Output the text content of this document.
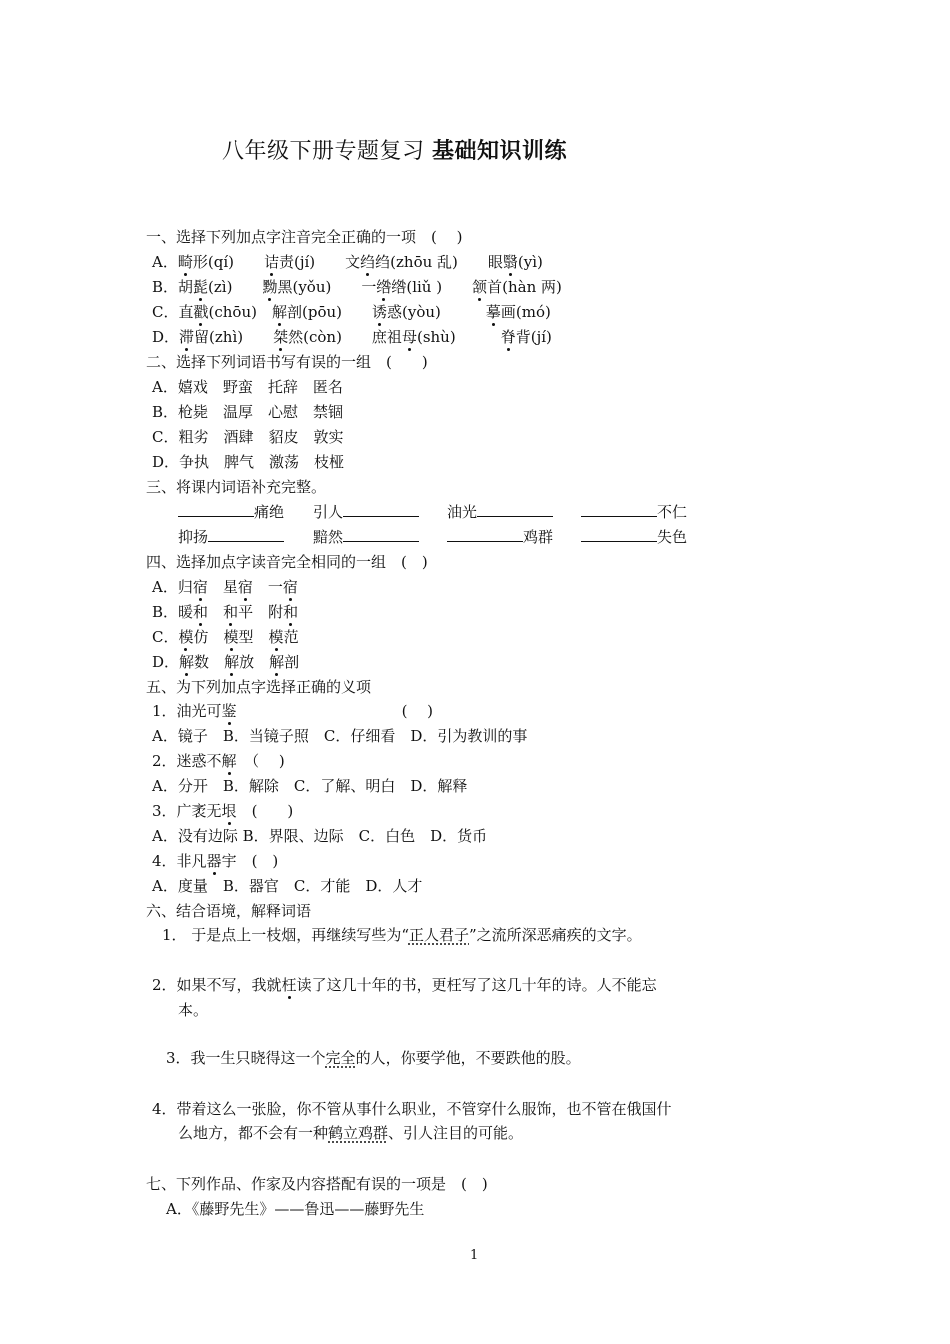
八年级下册专题复习 基础知识训练
一、选择下列加点字注音完全正确的一项　(　 )
A．畸形(qí)　　诘责(jí)　　文绉绉(zhōu 乱)　　眼翳(yì)
B．胡髭(zì)　　黝黑(yǒu)　　一绺绺(liǔ )　　颔首(hàn 两)
C．直戳(chōu)　解剖(pōu)　　诱惑(yòu)　　　摹画(mó)
D．滞留(zhì)　　桀然(còn)　　庶祖母(shù)　　　脊背(jí)
二、选择下列词语书写有误的一组　(　　)
A．嬉戏　野蛮　托辞　匿名
B．枪毙　温厚　心慰　禁锢
C．粗劣　酒肆　貂皮　敦实
D．争执　脾气　激荡　枝桠
三、将课内词语补充完整。
痛绝 引人	油光	不仁
抑扬	黯然	鸡群	失色
四、选择加点字读音完全相同的一组　(　)
A．归宿　星宿　一宿
B．暖和　 和平　附和
C．模仿　模型　模范
D．解数　解放　解剖
五、为下列加点字选择正确的义项
1．油光可鉴　　　　　　　　　　　(　 )
A．镜子　B．当镜子照　C．仔细看　D．引为教训的事
2．迷惑不解　（　 )
A．分开　B．解除　C．了解、明白　D．解释
3．广袤无垠　(　　)
A．没有边际 B．界限、边际　C．白色　D．货币
4．非凡器宇　(　)
A．度量　B．器官　C．才能　D．人才
六、结合语境，解释词语
1． 于是点上一枝烟，再继续写些为“正人君子”之流所深恶痛疾的文字。
2．如果不写，我就枉读了这几十年的书，更枉写了这几十年的诗。人不能忘
本。
3．我一生只晓得这一个完全的人，你要学他，不要跌他的股。
4．带着这么一张脸，你不管从事什么职业，不管穿什么服饰，也不管在俄国什
么地方，都不会有一种鹤立鸡群、引人注目的可能。
七、下列作品、作家及内容搭配有误的一项是　(　)
A．《藤野先生》——鲁迅——藤野先生
1
